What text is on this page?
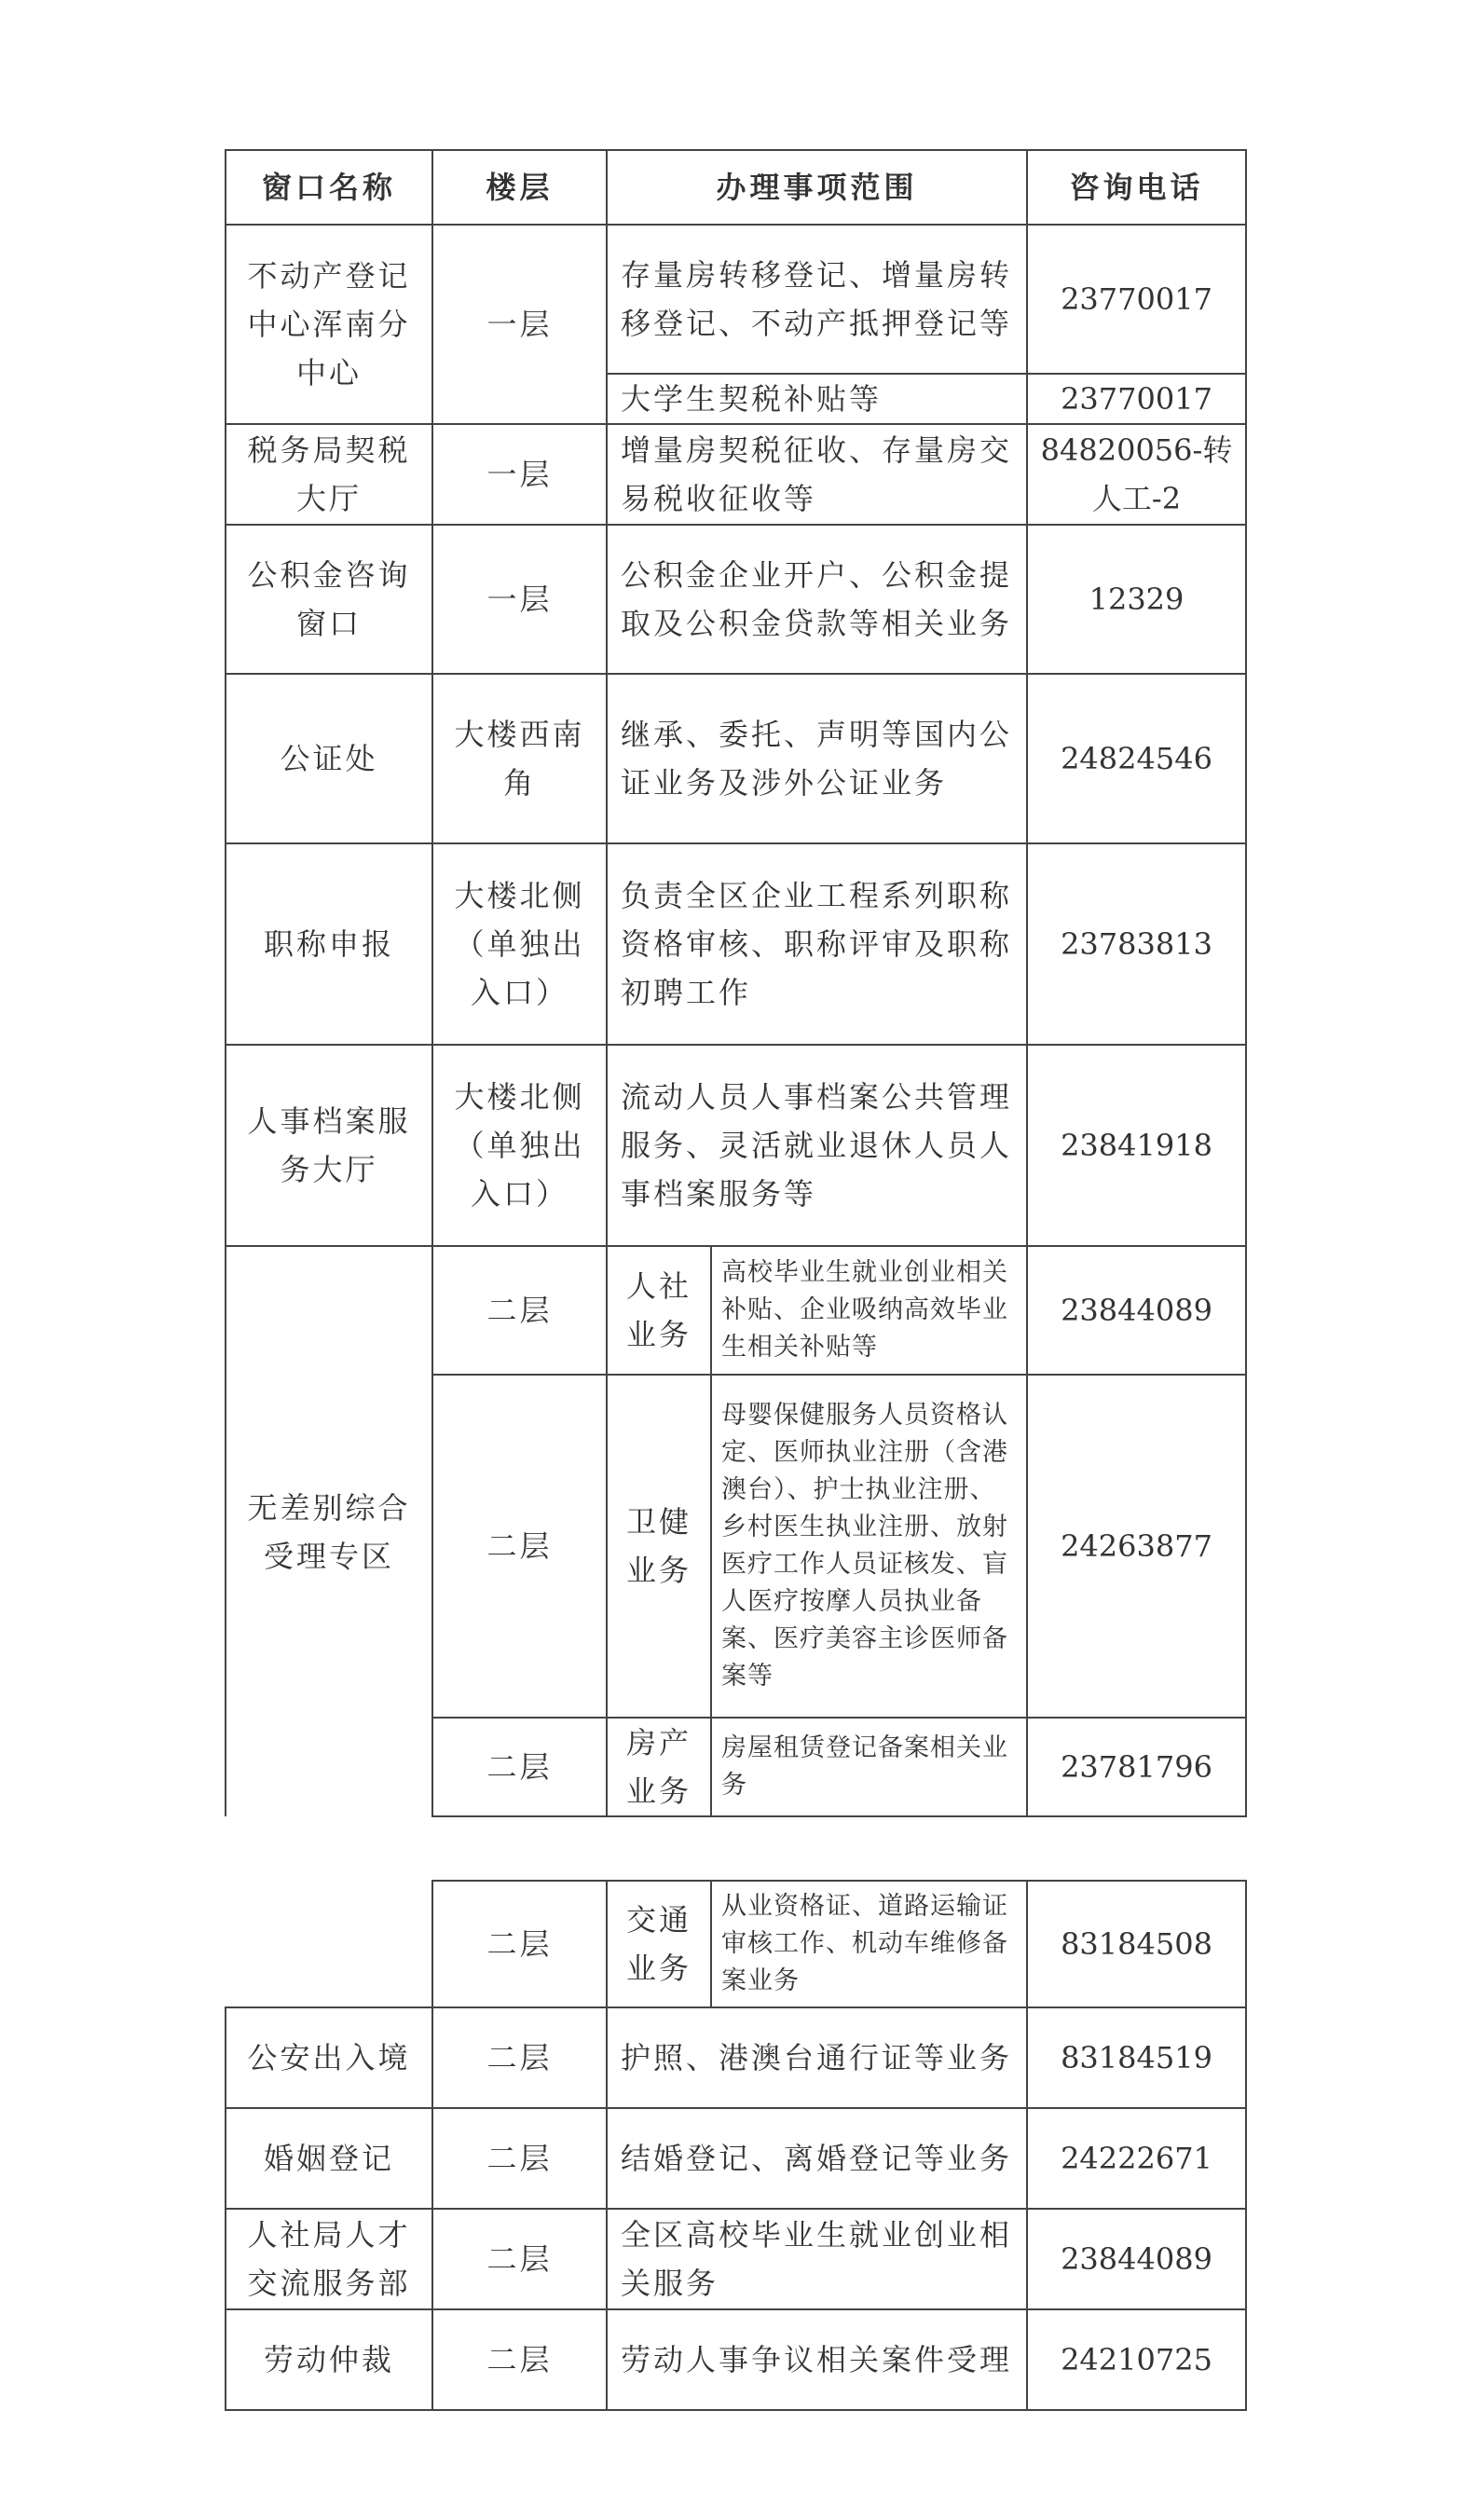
窗口名称	楼层	办理事项范围		咨询电话
不动产登记中心浑南分中心	一层	存量房转移登记、增量房转移登记、不动产抵押登记等		23770017
		大学生契税补贴等		23770017
税务局契税大厅	一层	增量房契税征收、存量房交易税收征收等		84820056-转人工-2
公积金咨询窗口	一层	公积金企业开户、公积金提取及公积金贷款等相关业务		12329
公证处	大楼西南角	继承、委托、声明等国内公证业务及涉外公证业务		24824546
职称申报	大楼北侧（单独出入口）	负责全区企业工程系列职称资格审核、职称评审及职称初聘工作		23783813
人事档案服务大厅	大楼北侧（单独出入口）	流动人员人事档案公共管理服务、灵活就业退休人员人事档案服务等		23841918
无差别综合受理专区	二层	人社业务	高校毕业生就业创业相关补贴、企业吸纳高效毕业生相关补贴等	23844089
	二层	卫健业务	母婴保健服务人员资格认定、医师执业注册（含港澳台）、护士执业注册、乡村医生执业注册、放射医疗工作人员证核发、盲人医疗按摩人员执业备案、医疗美容主诊医师备案等	24263877
	二层	房产业务	房屋租赁登记备案相关业务	23781796
	二层	交通业务	从业资格证、道路运输证审核工作、机动车维修备案业务	83184508
公安出入境	二层	护照、港澳台通行证等业务		83184519
婚姻登记	二层	结婚登记、离婚登记等业务		24222671
人社局人才交流服务部	二层	全区高校毕业生就业创业相关服务		23844089
劳动仲裁	二层	劳动人事争议相关案件受理		24210725
